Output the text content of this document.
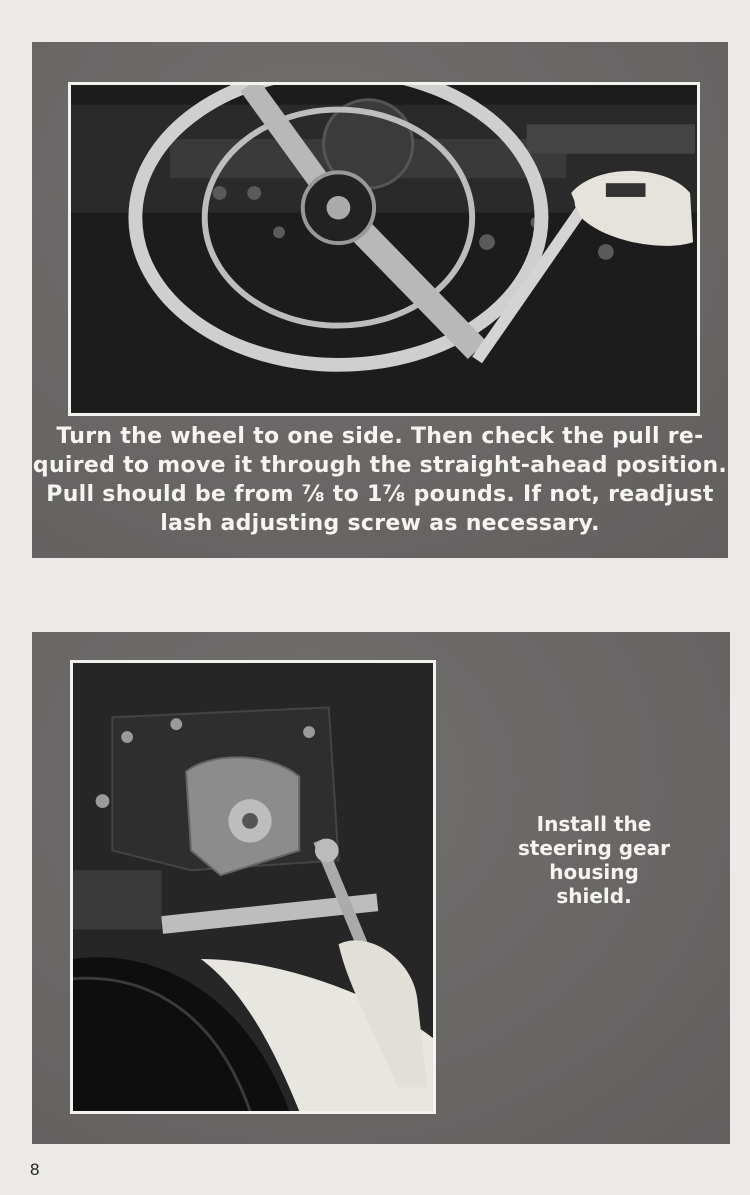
Turn the wheel to one side. Then check the pull re-
quired to move it through the straight-ahead position.
Pull should be from ⅞ to 1⅞ pounds. If not, readjust
lash adjusting screw as necessary.
Install the
steering gear
housing
shield.
8
